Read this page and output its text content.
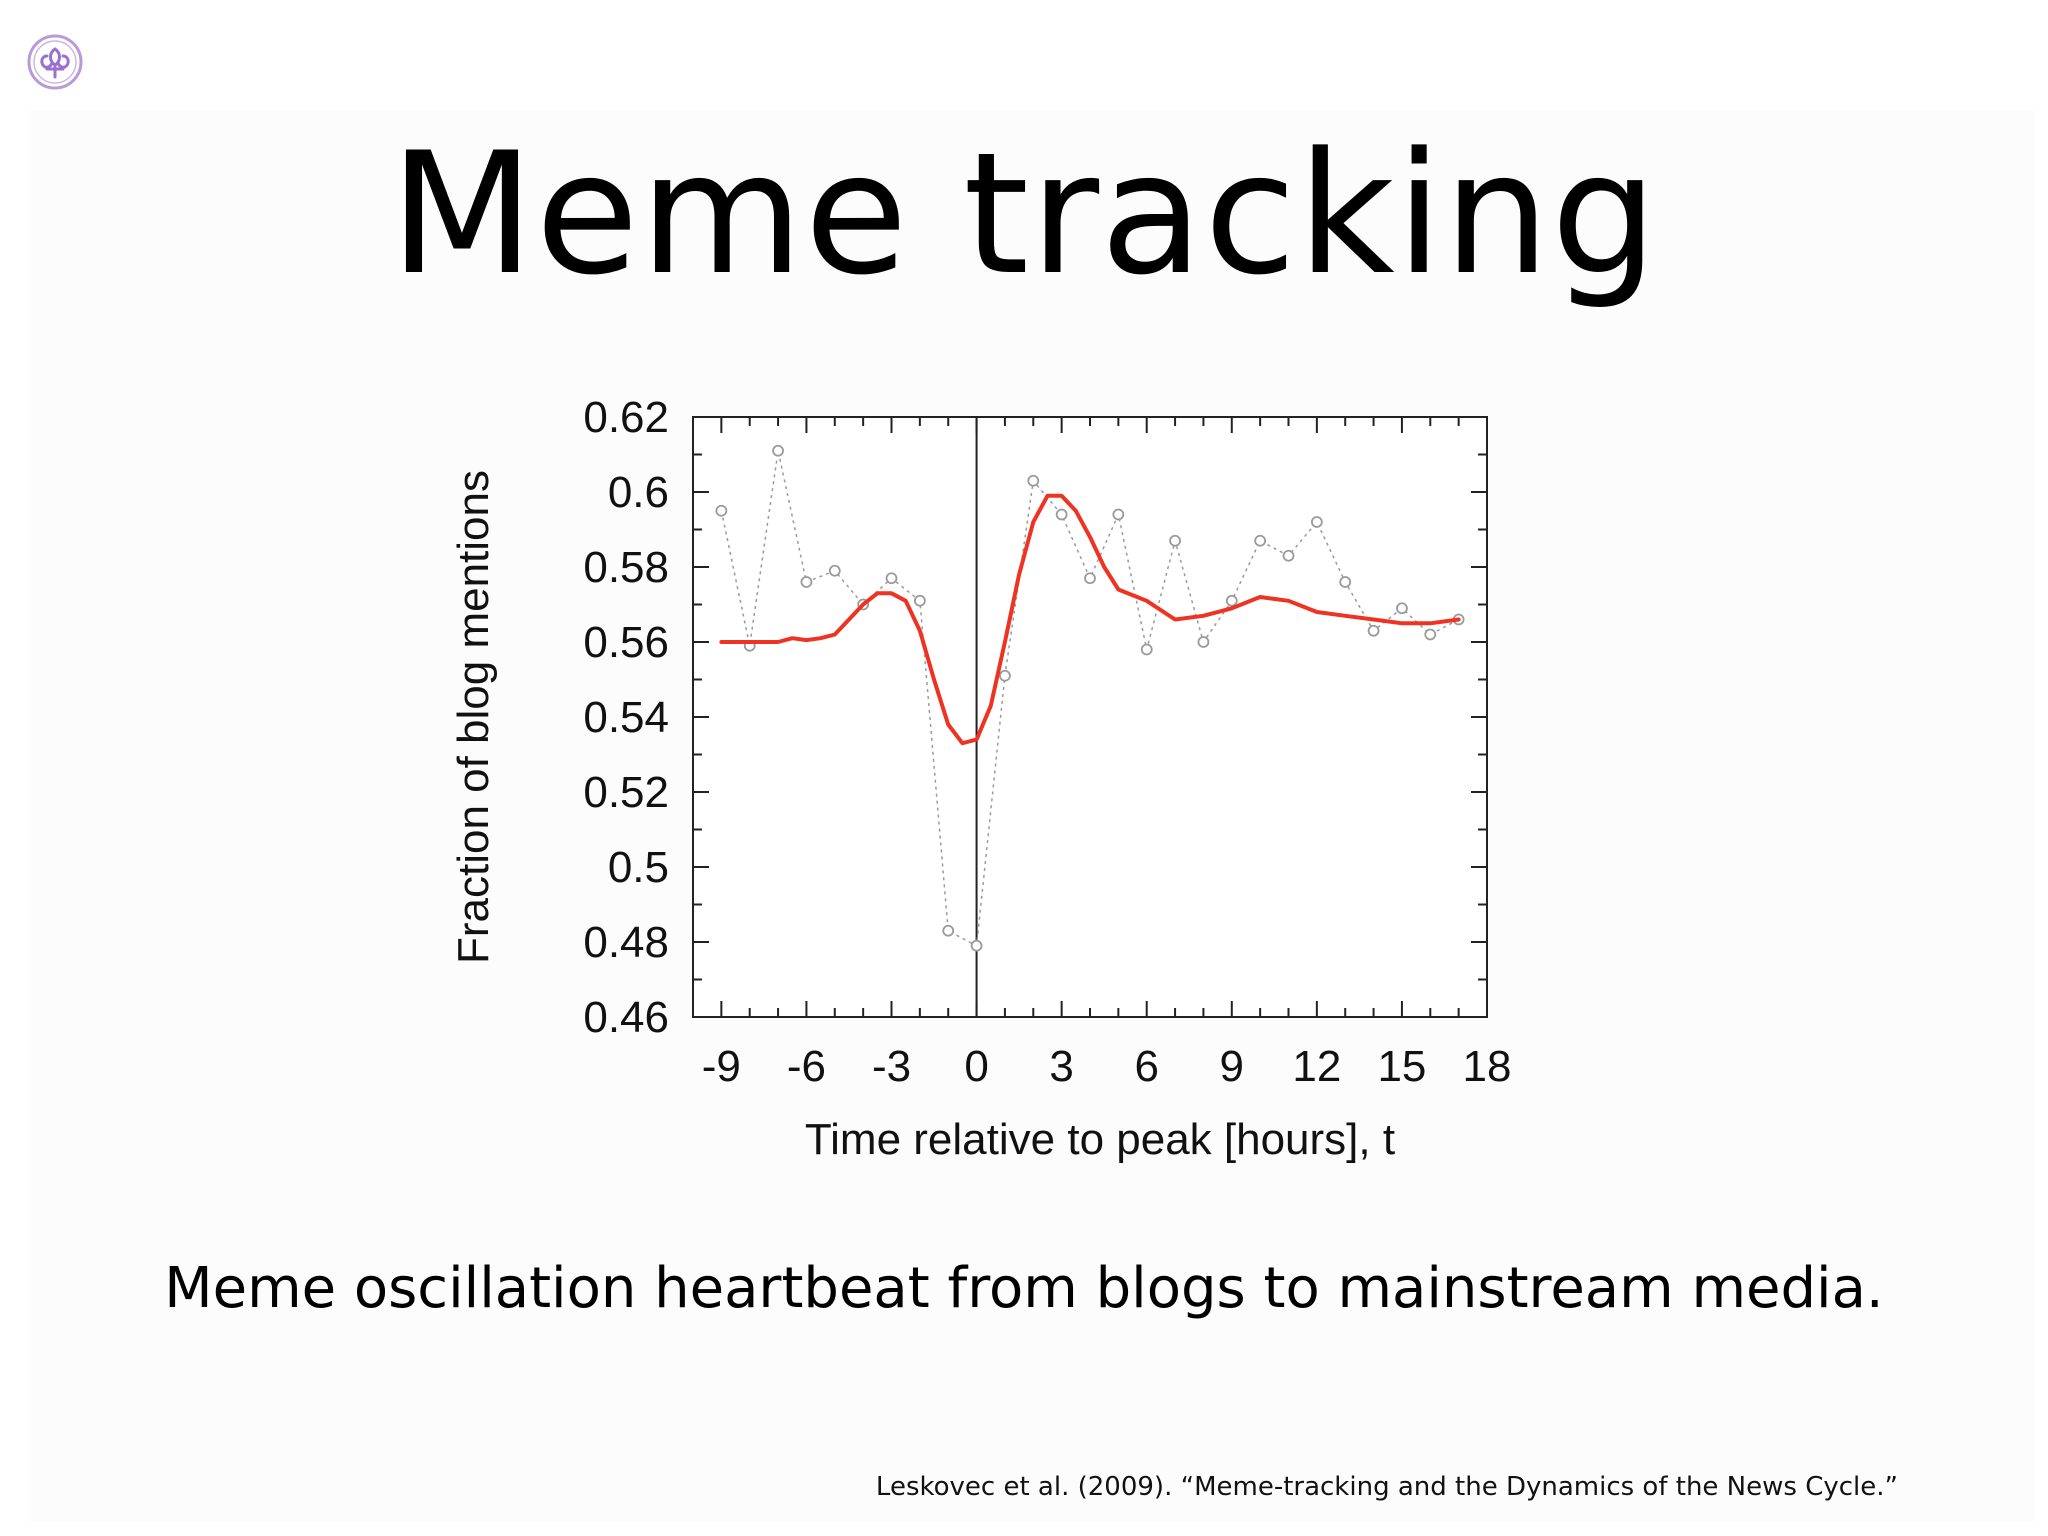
Meme tracking
0.46
0.48
0.5
0.52
0.54
0.56
0.58
0.6
0.62
-9 -6 -3 0 3 6 9 12 15 18
Time relative to peak [hours], t
Fraction of blog mentions
Meme oscillation heartbeat from blogs to mainstream media.
Leskovec et al. (2009). “Meme-tracking and the Dynamics of the News Cycle.”
